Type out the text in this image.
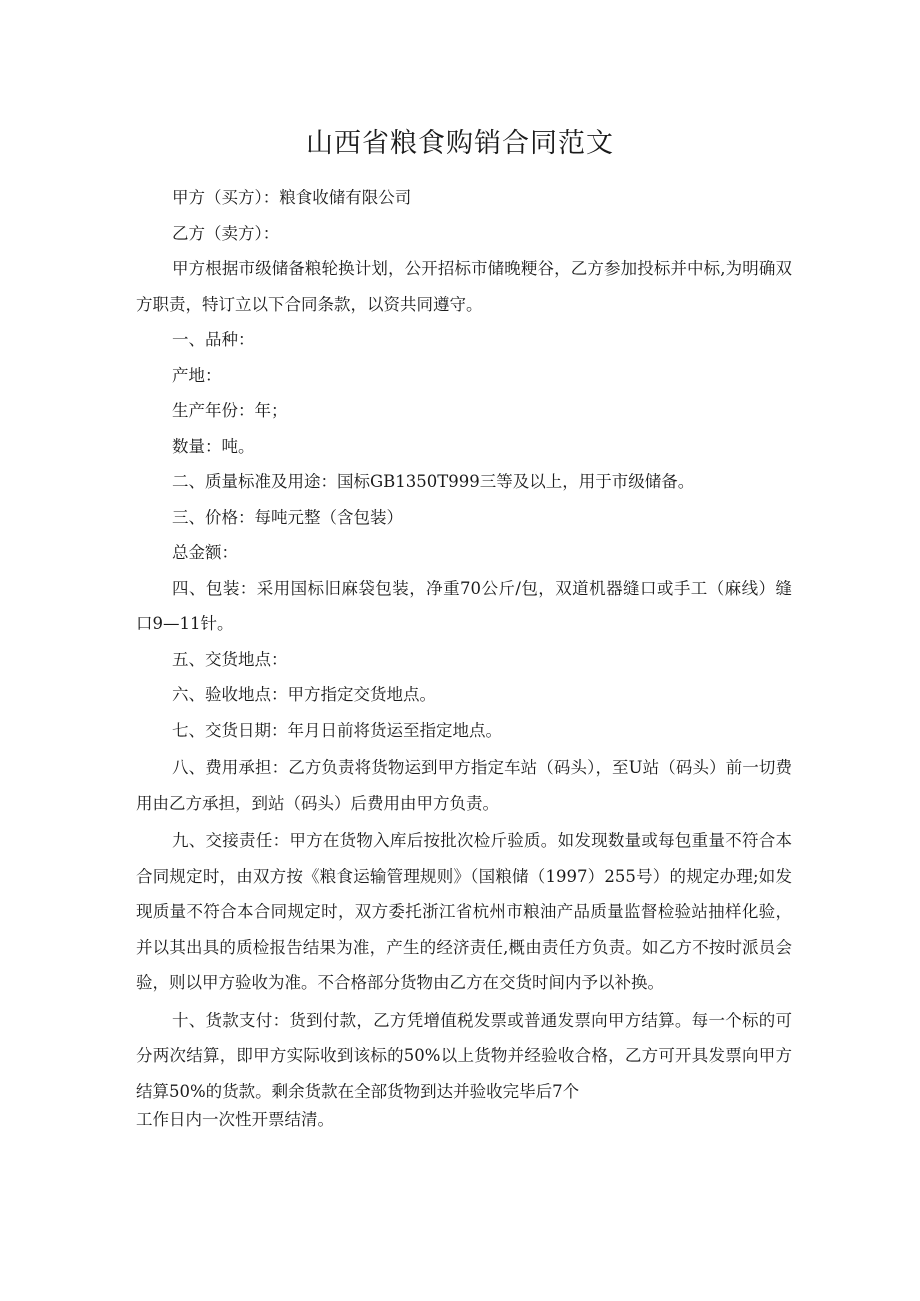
山西省粮食购销合同范文

甲方（买方）：粮食收储有限公司

乙方（卖方）：

甲方根据市级储备粮轮换计划，公开招标市储晚粳谷，乙方参加投标并中标,为明确双方职责，特订立以下合同条款，以资共同遵守。

一、品种：

产地：

生产年份：年；

数量：吨。

二、质量标准及用途：国标GB1350T999三等及以上，用于市级储备。

三、价格：每吨元整（含包装）

总金额：

四、包装：采用国标旧麻袋包装，净重70公斤/包，双道机器缝口或手工（麻线）缝口9—11针。

五、交货地点：

六、验收地点：甲方指定交货地点。

七、交货日期：年月日前将货运至指定地点。

八、费用承担：乙方负责将货物运到甲方指定车站（码头），至U站（码头）前一切费用由乙方承担，到站（码头）后费用由甲方负责。

九、交接责任：甲方在货物入库后按批次检斤验质。如发现数量或每包重量不符合本合同规定时，由双方按《粮食运输管理规则》（国粮储（1997）255号）的规定办理;如发现质量不符合本合同规定时，双方委托浙江省杭州市粮油产品质量监督检验站抽样化验，并以其出具的质检报告结果为准，产生的经济责任,概由责任方负责。如乙方不按时派员会验，则以甲方验收为准。不合格部分货物由乙方在交货时间内予以补换。

十、货款支付：货到付款，乙方凭增值税发票或普通发票向甲方结算。每一个标的可分两次结算，即甲方实际收到该标的50%以上货物并经验收合格，乙方可开具发票向甲方结算50%的货款。剩余货款在全部货物到达并验收完毕后7个

工作日内一次性开票结清。
